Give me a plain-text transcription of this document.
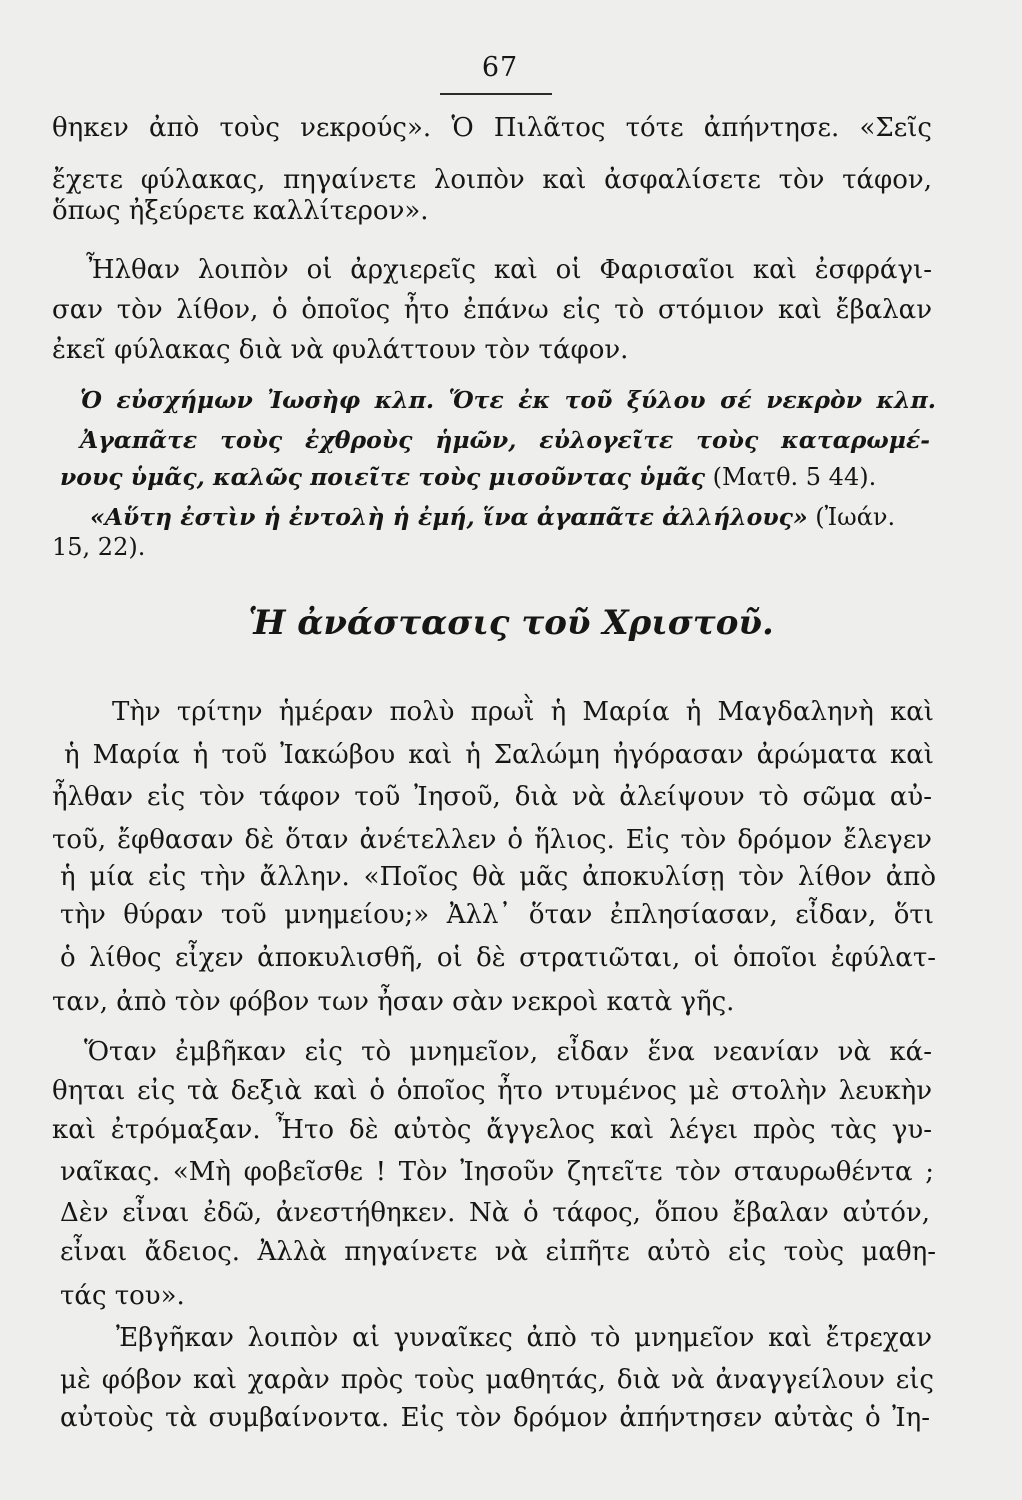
67
θηκεν ἀπὸ τοὺς νεκρούς». Ὁ Πιλᾶτος τότε ἀπήντησε. «Σεῖς
ἔχετε φύλακας, πηγαίνετε λοιπὸν καὶ ἀσφαλίσετε τὸν τάφον,
ὅπως ἠξεύρετε καλλίτερον».
Ἦλθαν λοιπὸν οἱ ἀρχιερεῖς καὶ οἱ Φαρισαῖοι καὶ ἐσφράγι-
σαν τὸν λίθον, ὁ ὁποῖος ἦτο ἐπάνω εἰς τὸ στόμιον καὶ ἔβαλαν
ἐκεῖ φύλακας διὰ νὰ φυλάττουν τὸν τάφον.
Ὁ εὐσχήμων Ἰωσὴφ κλπ. Ὅτε ἐκ τοῦ ξύλου σέ νεκρὸν κλπ.
Ἀγαπᾶτε τοὺς ἐχθροὺς ἡμῶν, εὐλογεῖτε τοὺς καταρωμέ-
νους ὑμᾶς, καλῶς ποιεῖτε τοὺς μισοῦντας ὑμᾶς (Ματθ. 5 44).
«Αὕτη ἐστὶν ἡ ἐντολὴ ἡ ἐμή, ἵνα ἀγαπᾶτε ἀλλήλους» (Ἰωάν.
15, 22).
Ἡ ἀνάστασις τοῦ Χριστοῦ.
Τὴν τρίτην ἡμέραν πολὺ πρωῒ ἡ Μαρία ἡ Μαγδαληνὴ καὶ
ἡ Μαρία ἡ τοῦ Ἰακώβου καὶ ἡ Σαλώμη ἠγόρασαν ἀρώματα καὶ
ἦλθαν εἰς τὸν τάφον τοῦ Ἰησοῦ, διὰ νὰ ἀλείψουν τὸ σῶμα αὐ-
τοῦ, ἔφθασαν δὲ ὅταν ἀνέτελλεν ὁ ἥλιος. Εἰς τὸν δρόμον ἔλεγεν
ἡ μία εἰς τὴν ἄλλην. «Ποῖος θὰ μᾶς ἀποκυλίσῃ τὸν λίθον ἀπὸ
τὴν θύραν τοῦ μνημείου;» Ἀλλ᾿ ὅταν ἐπλησίασαν, εἶδαν, ὅτι
ὁ λίθος εἶχεν ἀποκυλισθῆ, οἱ δὲ στρατιῶται, οἱ ὁποῖοι ἐφύλατ-
ταν, ἀπὸ τὸν φόβον των ἦσαν σὰν νεκροὶ κατὰ γῆς.
Ὅταν ἐμβῆκαν εἰς τὸ μνημεῖον, εἶδαν ἕνα νεανίαν νὰ κά-
θηται εἰς τὰ δεξιὰ καὶ ὁ ὁποῖος ἦτο ντυμένος μὲ στολὴν λευκὴν
καὶ ἐτρόμαξαν. Ἦτο δὲ αὐτὸς ἄγγελος καὶ λέγει πρὸς τὰς γυ-
ναῖκας. «Μὴ φοβεῖσθε ! Τὸν Ἰησοῦν ζητεῖτε τὸν σταυρωθέντα ;
Δὲν εἶναι ἐδῶ, ἀνεστήθηκεν. Νὰ ὁ τάφος, ὅπου ἔβαλαν αὐτόν,
εἶναι ἄδειος. Ἀλλὰ πηγαίνετε νὰ εἰπῆτε αὐτὸ εἰς τοὺς μαθη-
τάς του».
Ἐβγῆκαν λοιπὸν αἱ γυναῖκες ἀπὸ τὸ μνημεῖον καὶ ἔτρεχαν
μὲ φόβον καὶ χαρὰν πρὸς τοὺς μαθητάς, διὰ νὰ ἀναγγείλουν εἰς
αὐτοὺς τὰ συμβαίνοντα. Εἰς τὸν δρόμον ἀπήντησεν αὐτὰς ὁ Ἰη-
